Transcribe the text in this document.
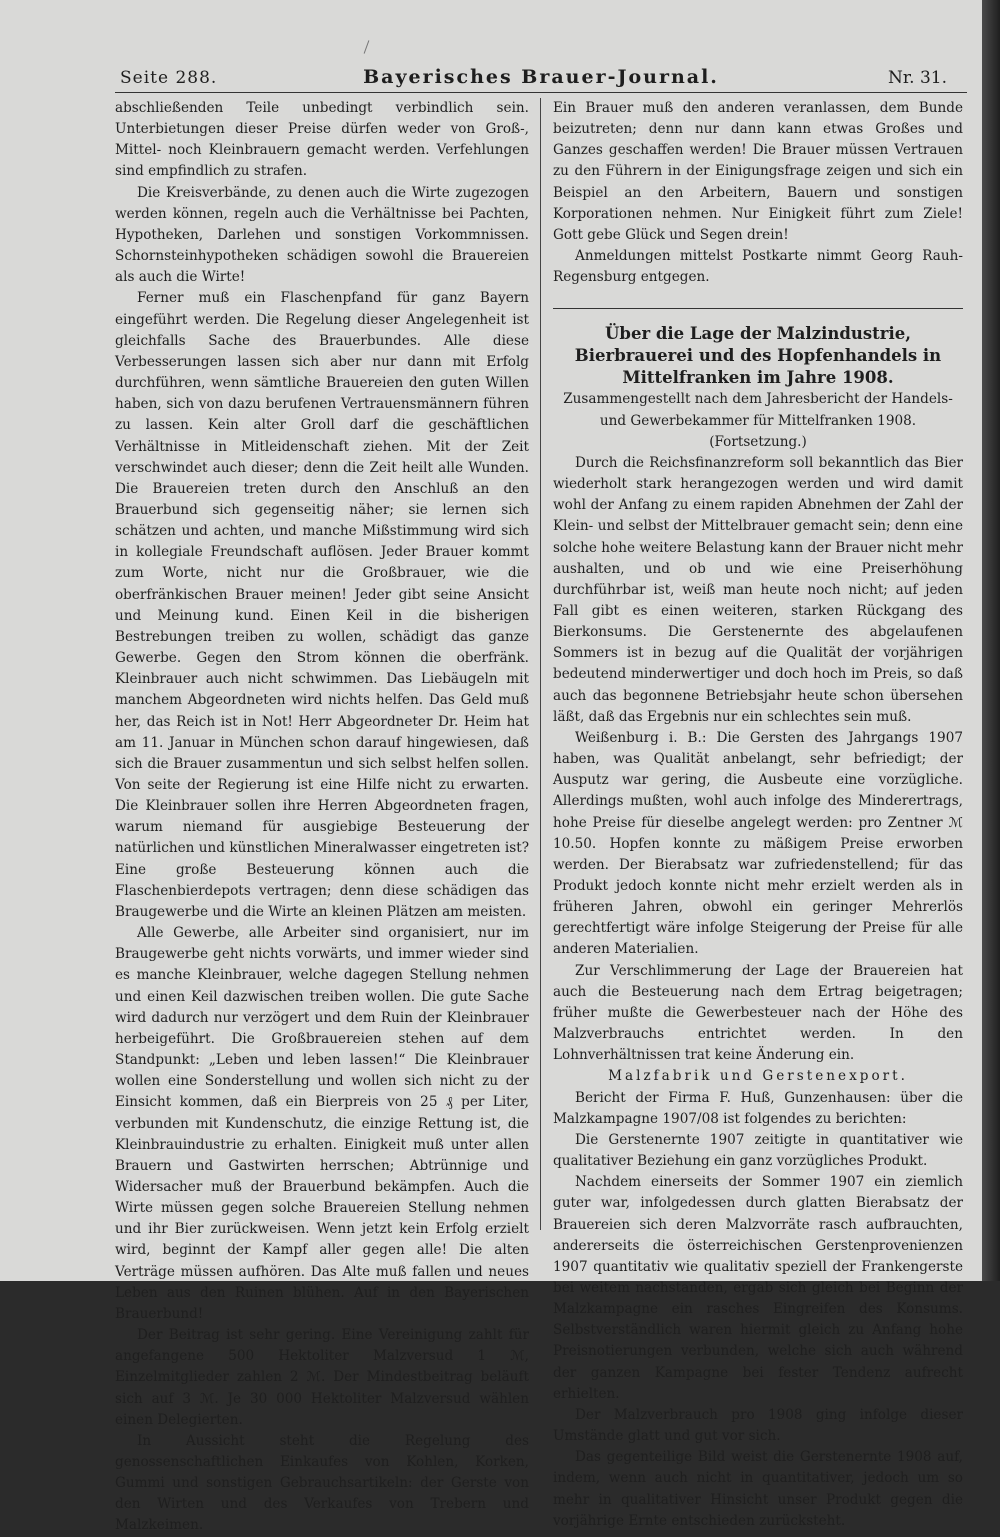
Seite 288.	Bayerisches Brauer-Journal.	Nr. 31.

abschließenden Teile unbedingt verbindlich sein. Unterbietungen dieser Preise dürfen weder von Groß-, Mittel- noch Kleinbrauern gemacht werden. Verfehlungen sind empfindlich zu strafen.

Die Kreisverbände, zu denen auch die Wirte zugezogen werden können, regeln auch die Verhältnisse bei Pachten, Hypotheken, Darlehen und sonstigen Vorkommnissen. Schornsteinhypotheken schädigen sowohl die Brauereien als auch die Wirte!

Ferner muß ein Flaschenpfand für ganz Bayern eingeführt werden. Die Regelung dieser Angelegenheit ist gleichfalls Sache des Brauerbundes. Alle diese Verbesserungen lassen sich aber nur dann mit Erfolg durchführen, wenn sämtliche Brauereien den guten Willen haben, sich von dazu berufenen Vertrauensmännern führen zu lassen. Kein alter Groll darf die geschäftlichen Verhältnisse in Mitleidenschaft ziehen. Mit der Zeit verschwindet auch dieser; denn die Zeit heilt alle Wunden. Die Brauereien treten durch den Anschluß an den Brauerbund sich gegenseitig näher; sie lernen sich schätzen und achten, und manche Mißstimmung wird sich in kollegiale Freundschaft auflösen. Jeder Brauer kommt zum Worte, nicht nur die Großbrauer, wie die oberfränkischen Brauer meinen! Jeder gibt seine Ansicht und Meinung kund. Einen Keil in die bisherigen Bestrebungen treiben zu wollen, schädigt das ganze Gewerbe. Gegen den Strom können die oberfränk. Kleinbrauer auch nicht schwimmen. Das Liebäugeln mit manchem Abgeordneten wird nichts helfen. Das Geld muß her, das Reich ist in Not! Herr Abgeordneter Dr. Heim hat am 11. Januar in München schon darauf hingewiesen, daß sich die Brauer zusammentun und sich selbst helfen sollen. Von seite der Regierung ist eine Hilfe nicht zu erwarten. Die Kleinbrauer sollen ihre Herren Abgeordneten fragen, warum niemand für ausgiebige Besteuerung der natürlichen und künstlichen Mineralwasser eingetreten ist? Eine große Besteuerung können auch die Flaschenbierdepots vertragen; denn diese schädigen das Braugewerbe und die Wirte an kleinen Plätzen am meisten.

Alle Gewerbe, alle Arbeiter sind organisiert, nur im Braugewerbe geht nichts vorwärts, und immer wieder sind es manche Kleinbrauer, welche dagegen Stellung nehmen und einen Keil dazwischen treiben wollen. Die gute Sache wird dadurch nur verzögert und dem Ruin der Kleinbrauer herbeigeführt. Die Großbrauereien stehen auf dem Standpunkt: „Leben und leben lassen!“ Die Kleinbrauer wollen eine Sonderstellung und wollen sich nicht zu der Einsicht kommen, daß ein Bierpreis von 25 ₰ per Liter, verbunden mit Kundenschutz, die einzige Rettung ist, die Kleinbrauindustrie zu erhalten. Einigkeit muß unter allen Brauern und Gastwirten herrschen; Abtrünnige und Widersacher muß der Brauerbund bekämpfen. Auch die Wirte müssen gegen solche Brauereien Stellung nehmen und ihr Bier zurückweisen. Wenn jetzt kein Erfolg erzielt wird, beginnt der Kampf aller gegen alle! Die alten Verträge müssen aufhören. Das Alte muß fallen und neues Leben aus den Ruinen blühen. Auf in den Bayerischen Brauerbund!

Der Beitrag ist sehr gering. Eine Vereinigung zahlt für angefangene 500 Hektoliter Malzversud 1 ℳ, Einzelmitglieder zahlen 2 ℳ. Der Mindestbeitrag beläuft sich auf 3 ℳ. Je 30 000 Hektoliter Malzversud wählen einen Delegierten.

In Aussicht steht die Regelung des genossenschaftlichen Einkaufes von Kohlen, Korken, Gummi und sonstigen Gebrauchsartikeln: der Gerste von den Wirten und des Verkaufes von Trebern und Malzkeimen.

Ein Brauer muß den anderen veranlassen, dem Bunde beizutreten; denn nur dann kann etwas Großes und Ganzes geschaffen werden! Die Brauer müssen Vertrauen zu den Führern in der Einigungsfrage zeigen und sich ein Beispiel an den Arbeitern, Bauern und sonstigen Korporationen nehmen. Nur Einigkeit führt zum Ziele! Gott gebe Glück und Segen drein!

Anmeldungen mittelst Postkarte nimmt Georg Rauh-Regensburg entgegen.

Über die Lage der Malzindustrie, Bierbrauerei und des Hopfenhandels in Mittelfranken im Jahre 1908.

Zusammengestellt nach dem Jahresbericht der Handels- und Gewerbekammer für Mittelfranken 1908.

(Fortsetzung.)

Durch die Reichsfinanzreform soll bekanntlich das Bier wiederholt stark herangezogen werden und wird damit wohl der Anfang zu einem rapiden Abnehmen der Zahl der Klein- und selbst der Mittelbrauer gemacht sein; denn eine solche hohe weitere Belastung kann der Brauer nicht mehr aushalten, und ob und wie eine Preiserhöhung durchführbar ist, weiß man heute noch nicht; auf jeden Fall gibt es einen weiteren, starken Rückgang des Bierkonsums. Die Gerstenernte des abgelaufenen Sommers ist in bezug auf die Qualität der vorjährigen bedeutend minderwertiger und doch hoch im Preis, so daß auch das begonnene Betriebsjahr heute schon übersehen läßt, daß das Ergebnis nur ein schlechtes sein muß.

Weißenburg i. B.: Die Gersten des Jahrgangs 1907 haben, was Qualität anbelangt, sehr befriedigt; der Ausputz war gering, die Ausbeute eine vorzügliche. Allerdings mußten, wohl auch infolge des Minderertrags, hohe Preise für dieselbe angelegt werden: pro Zentner ℳ 10.50. Hopfen konnte zu mäßigem Preise erworben werden. Der Bierabsatz war zufriedenstellend; für das Produkt jedoch konnte nicht mehr erzielt werden als in früheren Jahren, obwohl ein geringer Mehrerlös gerechtfertigt wäre infolge Steigerung der Preise für alle anderen Materialien.

Zur Verschlimmerung der Lage der Brauereien hat auch die Besteuerung nach dem Ertrag beigetragen; früher mußte die Gewerbesteuer nach der Höhe des Malzverbrauchs entrichtet werden. In den Lohnverhältnissen trat keine Änderung ein.

Malzfabrik und Gerstenexport.

Bericht der Firma F. Huß, Gunzenhausen: über die Malzkampagne 1907/08 ist folgendes zu berichten:

Die Gerstenernte 1907 zeitigte in quantitativer wie qualitativer Beziehung ein ganz vorzügliches Produkt.

Nachdem einerseits der Sommer 1907 ein ziemlich guter war, infolgedessen durch glatten Bierabsatz der Brauereien sich deren Malzvorräte rasch aufbrauchten, andererseits die österreichischen Gerstenprovenienzen 1907 quantitativ wie qualitativ speziell der Frankengerste bei weitem nachstanden, ergab sich gleich bei Beginn der Malzkampagne ein rasches Eingreifen des Konsums. Selbstverständlich waren hiermit gleich zu Anfang hohe Preisnotierungen verbunden, welche sich auch während der ganzen Kampagne bei fester Tendenz aufrecht erhielten.

Der Malzverbrauch pro 1908 ging infolge dieser Umstände glatt und gut vor sich.

Das gegenteilige Bild weist die Gerstenernte 1908 auf, indem, wenn auch nicht in quantitativer, jedoch um so mehr in qualitativer Hinsicht unser Produkt gegen die vorjährige Ernte entschieden zurücksteht.
